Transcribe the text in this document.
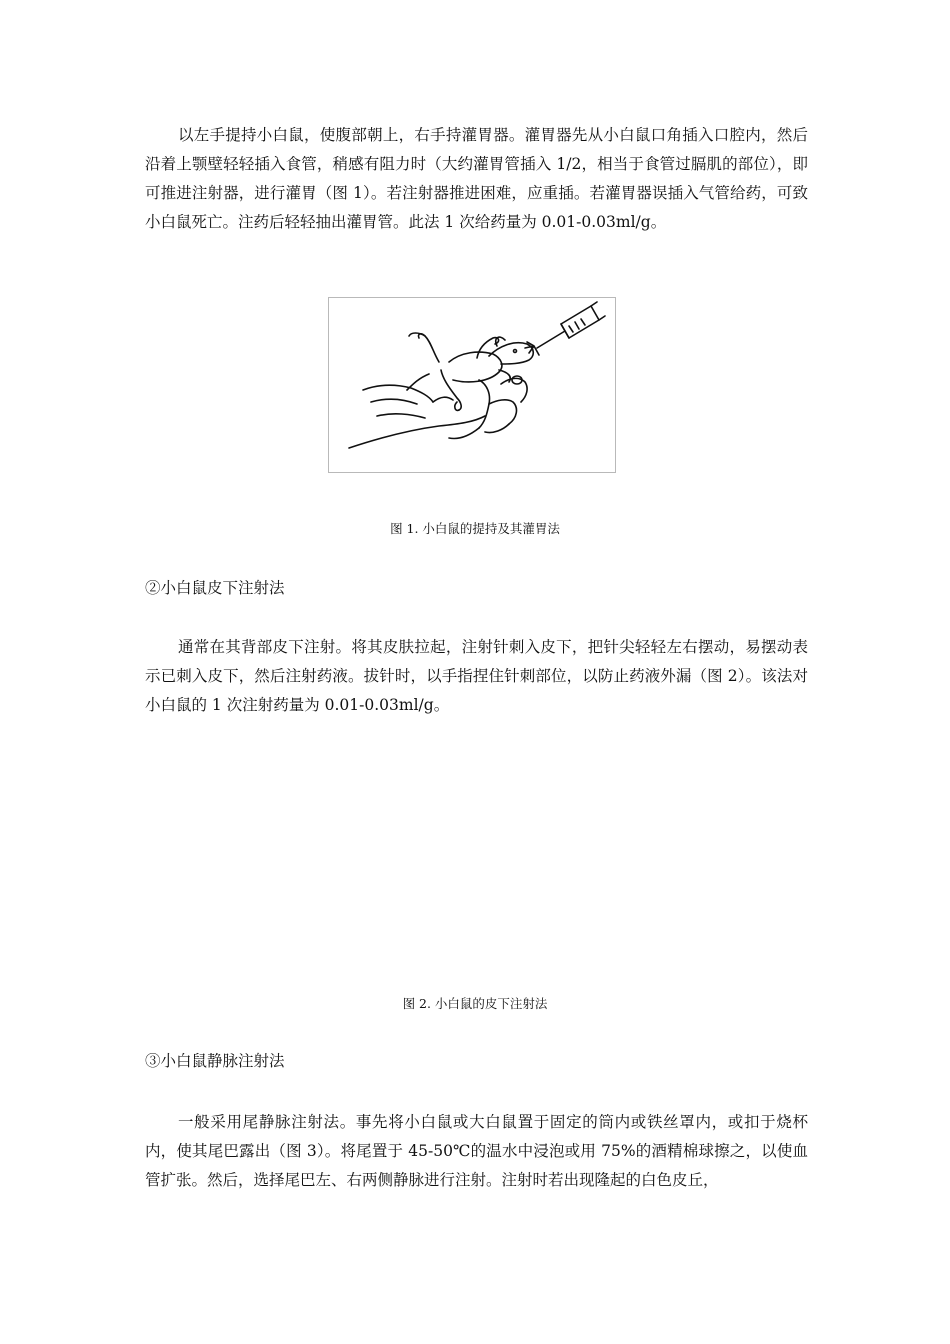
以左手提持小白鼠，使腹部朝上，右手持灌胃器。灌胃器先从小白鼠口角插入口腔内，然后沿着上颚壁轻轻插入食管，稍感有阻力时（大约灌胃管插入 1/2，相当于食管过膈肌的部位），即可推进注射器，进行灌胃（图 1）。若注射器推进困难，应重插。若灌胃器误插入气管给药，可致小白鼠死亡。注药后轻轻抽出灌胃管。此法 1 次给药量为 0.01-0.03ml/g。

图 1. 小白鼠的提持及其灌胃法

②小白鼠皮下注射法

通常在其背部皮下注射。将其皮肤拉起，注射针刺入皮下，把针尖轻轻左右摆动，易摆动表示已刺入皮下，然后注射药液。拔针时，以手指捏住针刺部位，以防止药液外漏（图 2）。该法对小白鼠的 1 次注射药量为 0.01-0.03ml/g。

图 2. 小白鼠的皮下注射法

③小白鼠静脉注射法

一般采用尾静脉注射法。事先将小白鼠或大白鼠置于固定的筒内或铁丝罩内，或扣于烧杯内，使其尾巴露出（图 3）。将尾置于 45-50℃的温水中浸泡或用 75%的酒精棉球擦之，以使血管扩张。然后，选择尾巴左、右两侧静脉进行注射。注射时若出现隆起的白色皮丘，
